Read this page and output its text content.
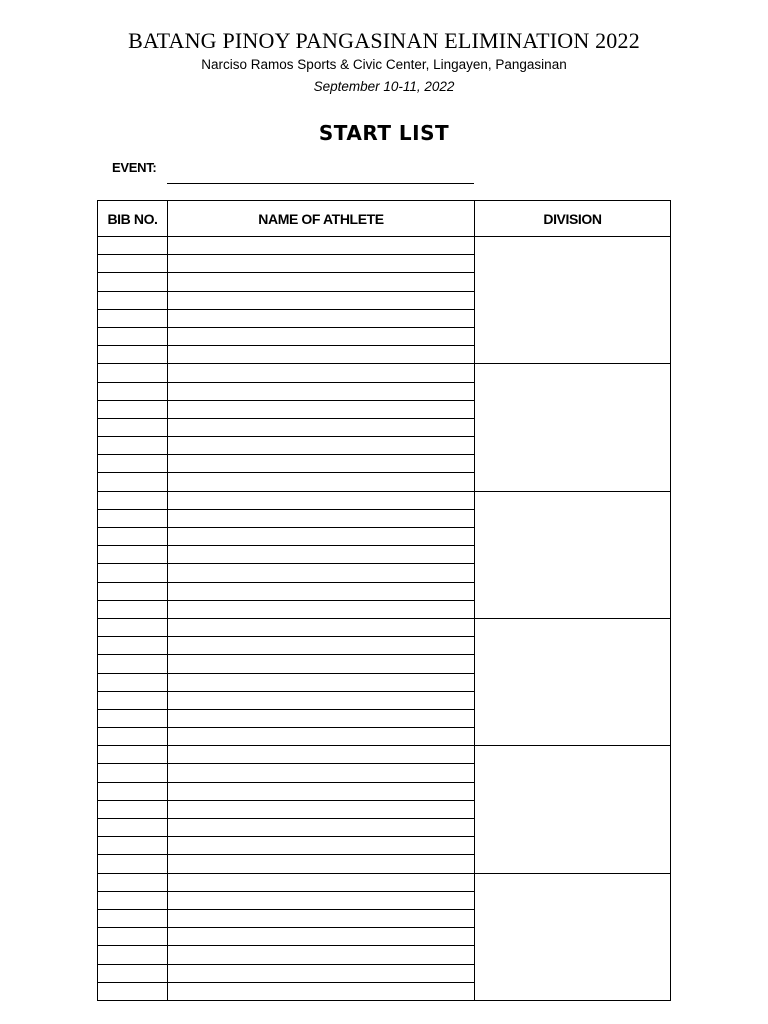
BATANG PINOY PANGASINAN ELIMINATION 2022
Narciso Ramos Sports & Civic Center, Lingayen, Pangasinan
September 10-11, 2022
START LIST
EVENT:
BIB NO.	NAME OF ATHLETE	DIVISION
